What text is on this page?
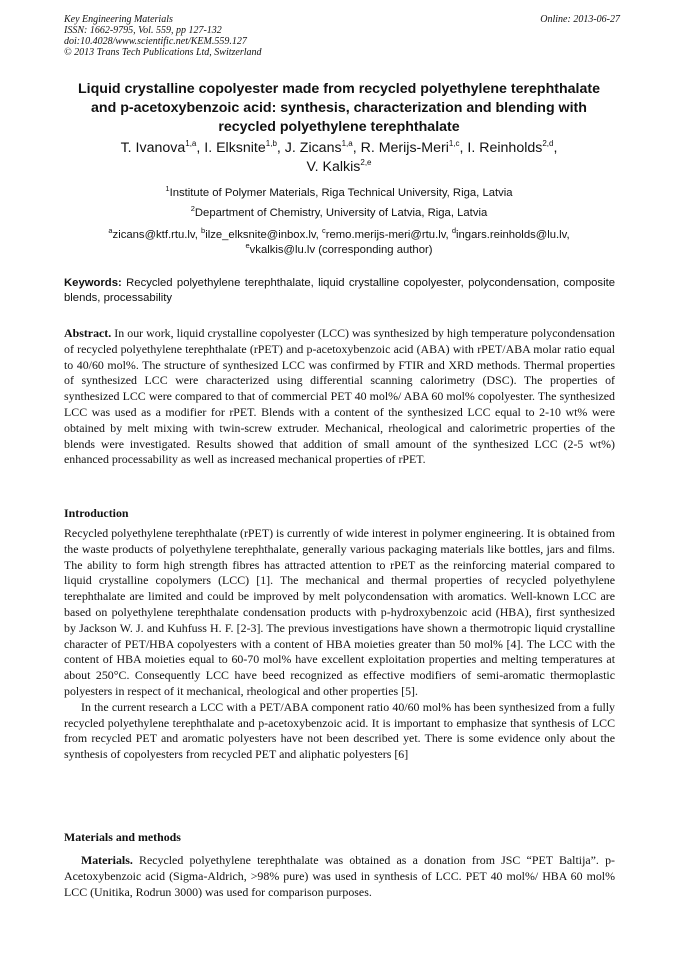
Key Engineering Materials
ISSN: 1662-9795, Vol. 559, pp 127-132
doi:10.4028/www.scientific.net/KEM.559.127
© 2013 Trans Tech Publications Ltd, Switzerland
Online: 2013-06-27
Liquid crystalline copolyester made from recycled polyethylene terephthalate and p-acetoxybenzoic acid: synthesis, characterization and blending with recycled polyethylene terephthalate
T. Ivanova$^{1,a}$, I. Elksnite$^{1,b}$, J. Zicans$^{1,a}$, R. Merijs-Meri$^{1,c}$, I. Reinholds$^{2,d}$,
V. Kalkis$^{2,e}$
$^1$Institute of Polymer Materials, Riga Technical University, Riga, Latvia
$^2$Department of Chemistry, University of Latvia, Riga, Latvia
$^a$zicans@ktf.rtu.lv, $^b$ilze_elksnite@inbox.lv, $^c$remo.merijs-meri@rtu.lv, $^d$ingars.reinholds@lu.lv,
$^e$vkalkis@lu.lv (corresponding author)
Keywords: Recycled polyethylene terephthalate, liquid crystalline copolyester, polycondensation, composite blends, processability
Abstract. In our work, liquid crystalline copolyester (LCC) was synthesized by high temperature polycondensation of recycled polyethylene terephthalate (rPET) and p-acetoxybenzoic acid (ABA) with rPET/ABA molar ratio equal to 40/60 mol%. The structure of synthesized LCC was confirmed by FTIR and XRD methods. Thermal properties of synthesized LCC were characterized using differential scanning calorimetry (DSC). The properties of synthesized LCC were compared to that of commercial PET 40 mol%/ ABA 60 mol% copolyester. The synthesized LCC was used as a modifier for rPET. Blends with a content of the synthesized LCC equal to 2-10 wt% were obtained by melt mixing with twin-screw extruder. Mechanical, rheological and calorimetric properties of the blends were investigated. Results showed that addition of small amount of the synthesized LCC (2-5 wt%) enhanced processability as well as increased mechanical properties of rPET.
Introduction

Recycled polyethylene terephthalate (rPET) is currently of wide interest in polymer engineering. It is obtained from the waste products of polyethylene terephthalate, generally various packaging materials like bottles, jars and films. The ability to form high strength fibres has attracted attention to rPET as the reinforcing material compared to liquid crystalline copolymers (LCC) [1]. The mechanical and thermal properties of recycled polyethylene terephthalate are limited and could be improved by melt polycondensation with aromatics. Well-known LCC are based on polyethylene terephthalate condensation products with p-hydroxybenzoic acid (HBA), first synthesized by Jackson W. J. and Kuhfuss H. F. [2-3]. The previous investigations have shown a thermotropic liquid crystalline character of PET/HBA copolyesters with a content of HBA moieties greater than 50 mol% [4]. The LCC with the content of HBA moieties equal to 60-70 mol% have excellent exploitation properties and melting temperatures at about 250°C. Consequently LCC have beed recognized as effective modifiers of semi-aromatic thermoplastic polyesters in respect of it mechanical, rheological and other properties [5].

In the current research a LCC with a PET/ABA component ratio 40/60 mol% has been synthesized from a fully recycled polyethylene terephthalate and p-acetoxybenzoic acid. It is important to emphasize that synthesis of LCC from recycled PET and aromatic polyesters have not been described yet. There is some evidence only about the synthesis of copolyesters from recycled PET and aliphatic polyesters [6]

Materials and methods

Materials. Recycled polyethylene terephthalate was obtained as a donation from JSC “PET Baltija”. p-Acetoxybenzoic acid (Sigma-Aldrich, >98% pure) was used in synthesis of LCC. PET 40 mol%/ HBA 60 mol% LCC (Unitika, Rodrun 3000) was used for comparison purposes.
